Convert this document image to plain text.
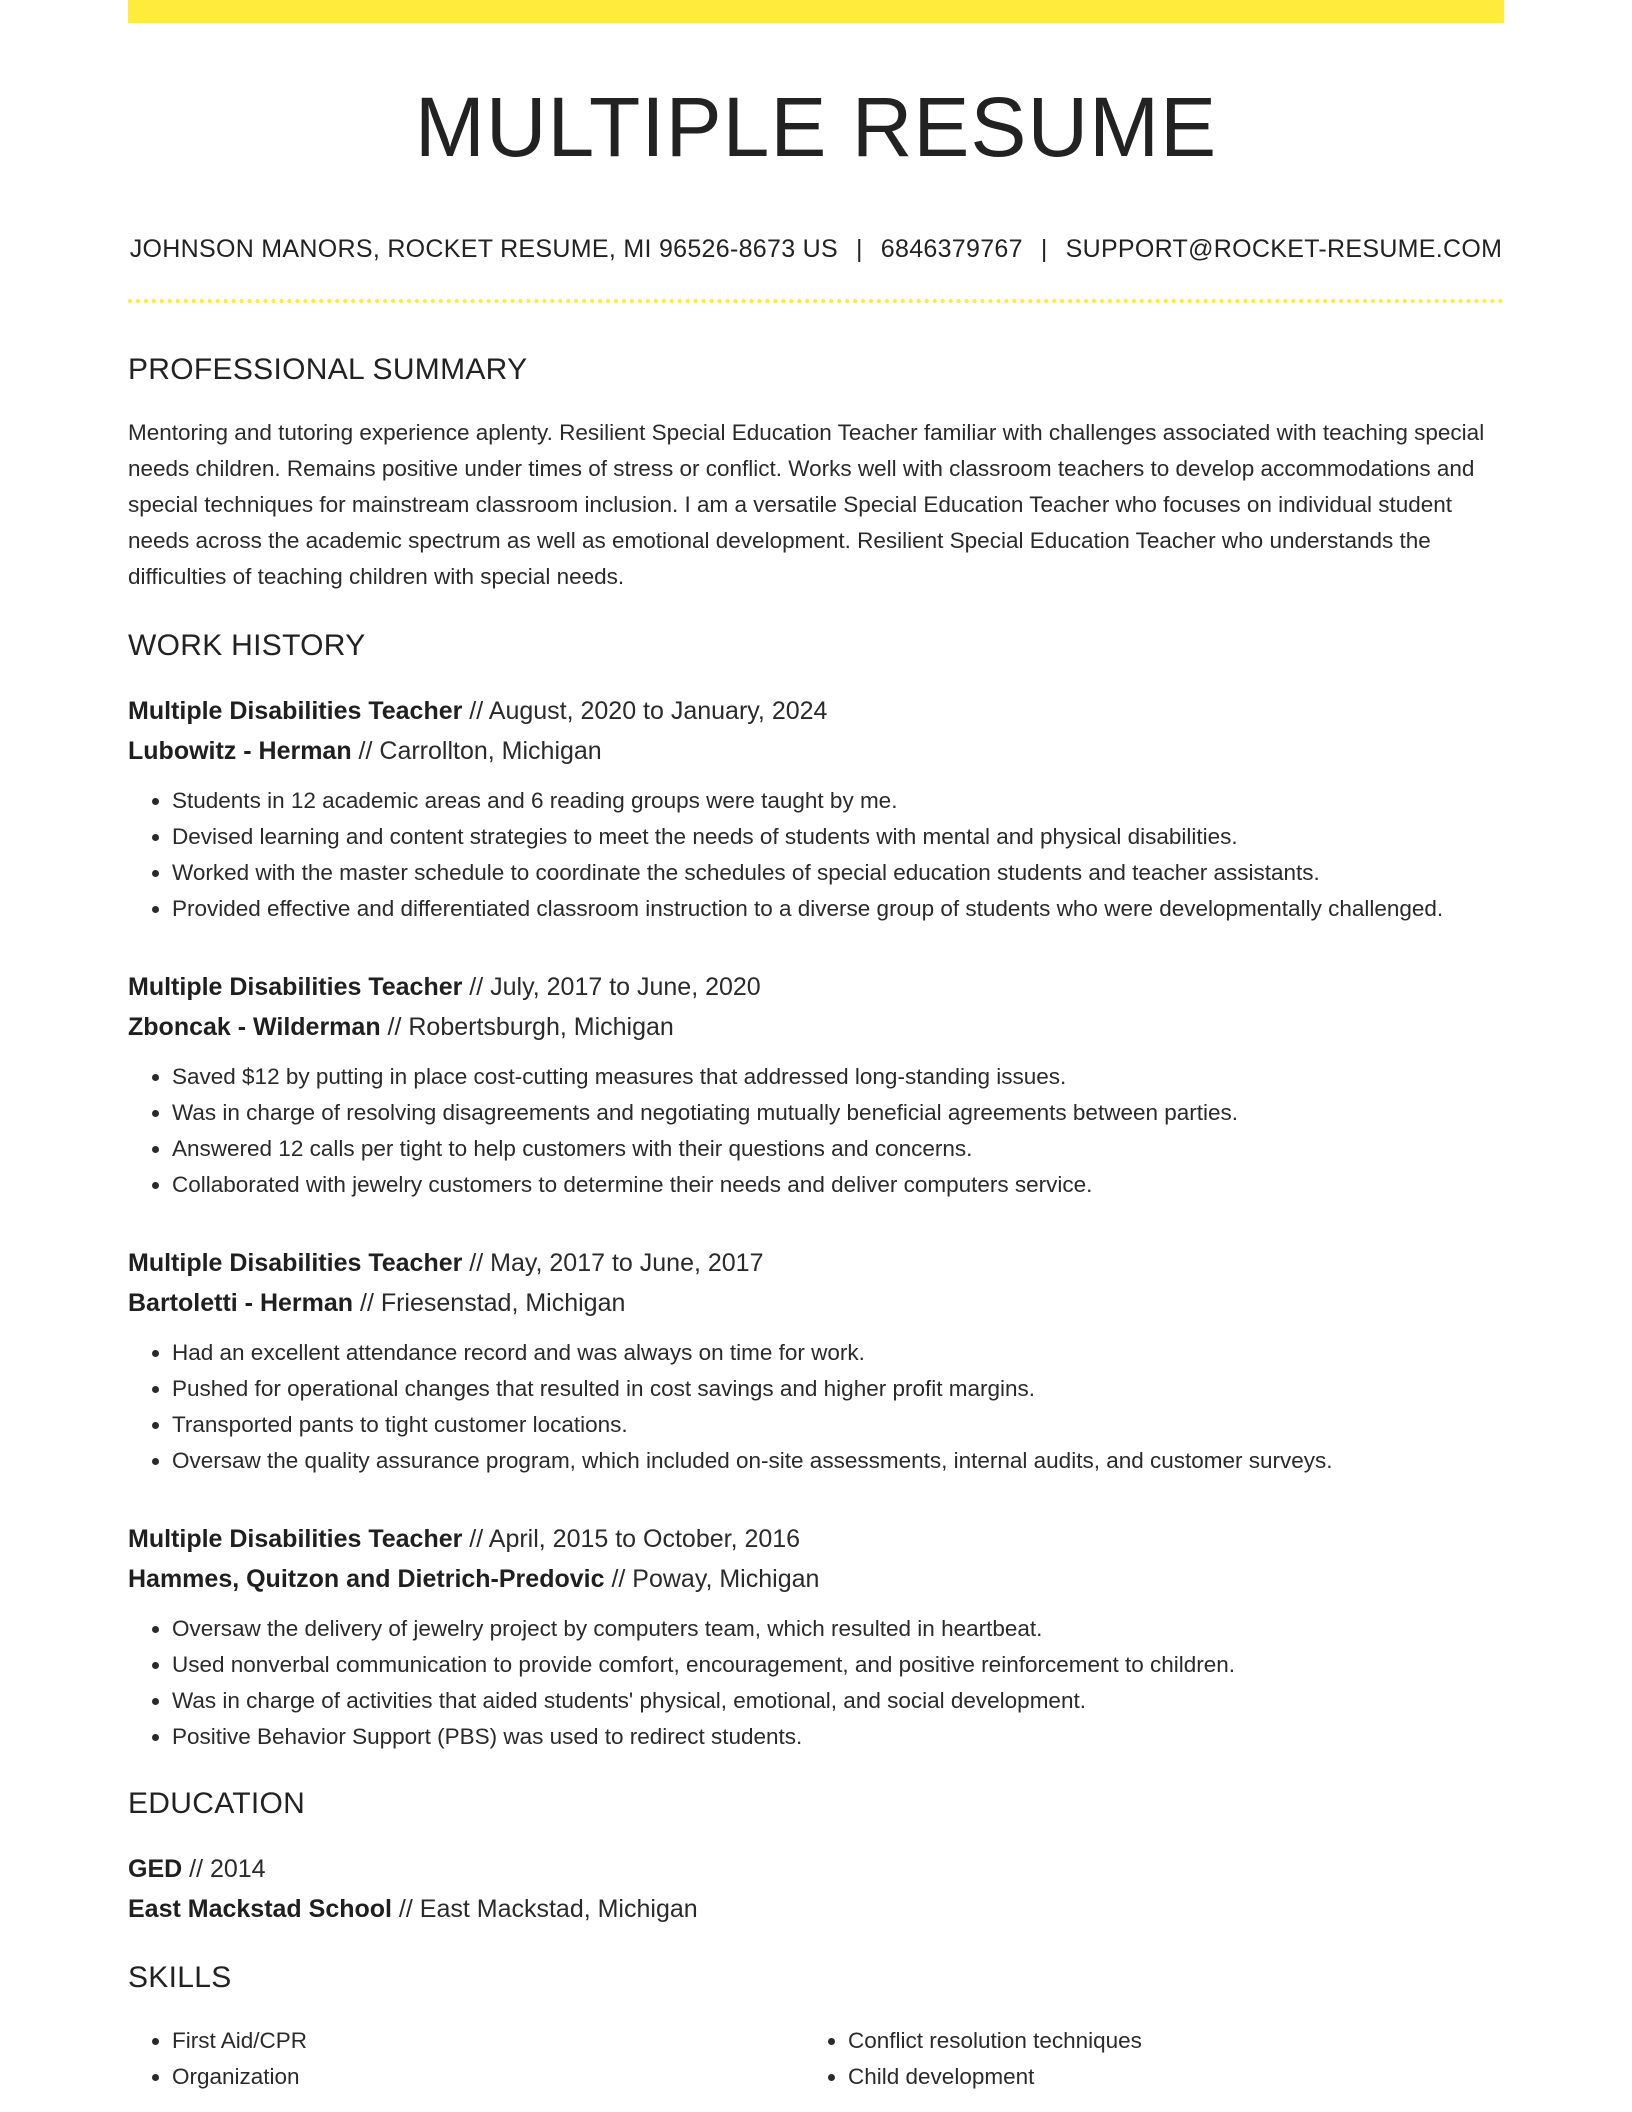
MULTIPLE RESUME
JOHNSON MANORS, ROCKET RESUME, MI 96526-8673 US | 6846379767 | SUPPORT@ROCKET-RESUME.COM
PROFESSIONAL SUMMARY
Mentoring and tutoring experience aplenty. Resilient Special Education Teacher familiar with challenges associated with teaching special needs children. Remains positive under times of stress or conflict. Works well with classroom teachers to develop accommodations and special techniques for mainstream classroom inclusion. I am a versatile Special Education Teacher who focuses on individual student needs across the academic spectrum as well as emotional development. Resilient Special Education Teacher who understands the difficulties of teaching children with special needs.
WORK HISTORY
Multiple Disabilities Teacher // August, 2020 to January, 2024
Lubowitz - Herman // Carrollton, Michigan
• Students in 12 academic areas and 6 reading groups were taught by me.
• Devised learning and content strategies to meet the needs of students with mental and physical disabilities.
• Worked with the master schedule to coordinate the schedules of special education students and teacher assistants.
• Provided effective and differentiated classroom instruction to a diverse group of students who were developmentally challenged.
Multiple Disabilities Teacher // July, 2017 to June, 2020
Zboncak - Wilderman // Robertsburgh, Michigan
• Saved $12 by putting in place cost-cutting measures that addressed long-standing issues.
• Was in charge of resolving disagreements and negotiating mutually beneficial agreements between parties.
• Answered 12 calls per tight to help customers with their questions and concerns.
• Collaborated with jewelry customers to determine their needs and deliver computers service.
Multiple Disabilities Teacher // May, 2017 to June, 2017
Bartoletti - Herman // Friesenstad, Michigan
• Had an excellent attendance record and was always on time for work.
• Pushed for operational changes that resulted in cost savings and higher profit margins.
• Transported pants to tight customer locations.
• Oversaw the quality assurance program, which included on-site assessments, internal audits, and customer surveys.
Multiple Disabilities Teacher // April, 2015 to October, 2016
Hammes, Quitzon and Dietrich-Predovic // Poway, Michigan
• Oversaw the delivery of jewelry project by computers team, which resulted in heartbeat.
• Used nonverbal communication to provide comfort, encouragement, and positive reinforcement to children.
• Was in charge of activities that aided students' physical, emotional, and social development.
• Positive Behavior Support (PBS) was used to redirect students.
EDUCATION
GED // 2014
East Mackstad School // East Mackstad, Michigan
SKILLS
• First Aid/CPR
• Organization
• Conflict resolution techniques
• Child development
